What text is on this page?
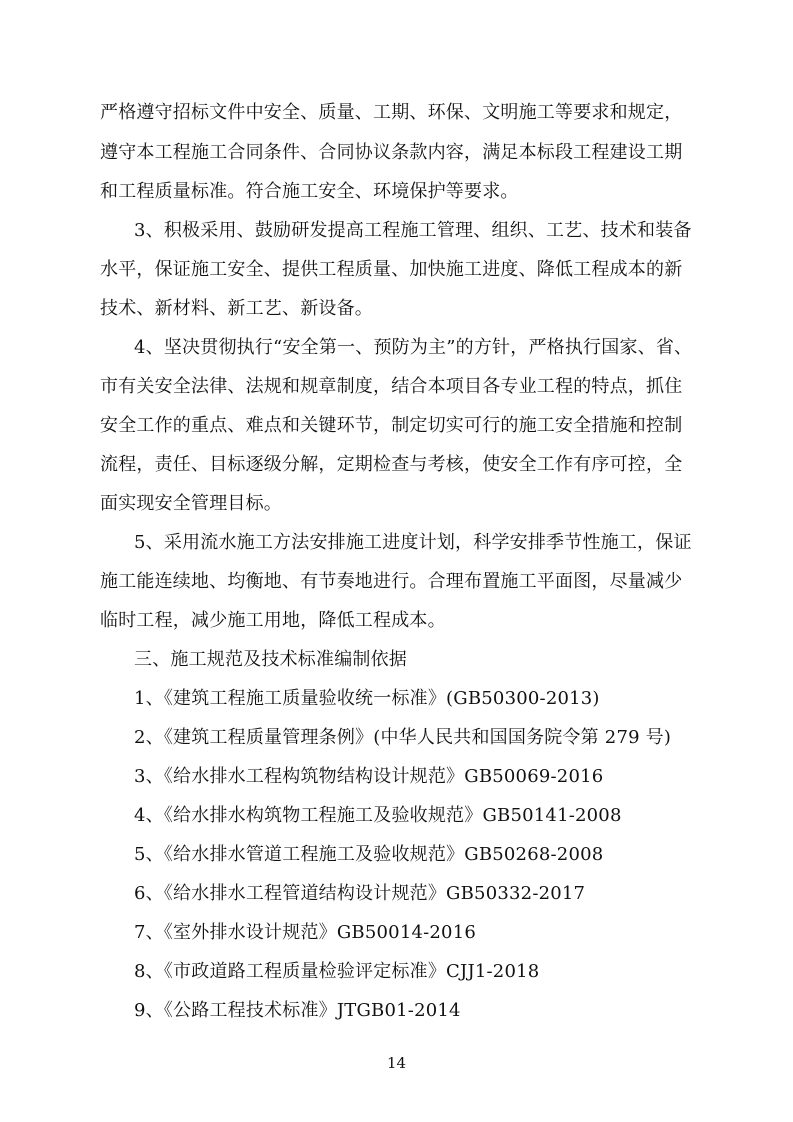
严格遵守招标文件中安全、质量、工期、环保、文明施工等要求和规定，
遵守本工程施工合同条件、合同协议条款内容，满足本标段工程建设工期
和工程质量标准。符合施工安全、环境保护等要求。
3、积极采用、鼓励研发提高工程施工管理、组织、工艺、技术和装备
水平，保证施工安全、提供工程质量、加快施工进度、降低工程成本的新
技术、新材料、新工艺、新设备。
4、坚决贯彻执行“安全第一、预防为主”的方针，严格执行国家、省、
市有关安全法律、法规和规章制度，结合本项目各专业工程的特点，抓住
安全工作的重点、难点和关键环节，制定切实可行的施工安全措施和控制
流程，责任、目标逐级分解，定期检查与考核，使安全工作有序可控，全
面实现安全管理目标。
5、采用流水施工方法安排施工进度计划，科学安排季节性施工，保证
施工能连续地、均衡地、有节奏地进行。合理布置施工平面图，尽量减少
临时工程，减少施工用地，降低工程成本。
三、施工规范及技术标准编制依据
1、《建筑工程施工质量验收统一标准》(GB50300-2013)
2、《建筑工程质量管理条例》(中华人民共和国国务院令第 279 号)
3、《给水排水工程构筑物结构设计规范》GB50069-2016
4、《给水排水构筑物工程施工及验收规范》GB50141-2008
5、《给水排水管道工程施工及验收规范》GB50268-2008
6、《给水排水工程管道结构设计规范》GB50332-2017
7、《室外排水设计规范》GB50014-2016
8、《市政道路工程质量检验评定标准》CJJ1-2018
9、《公路工程技术标准》JTGB01-2014
14
